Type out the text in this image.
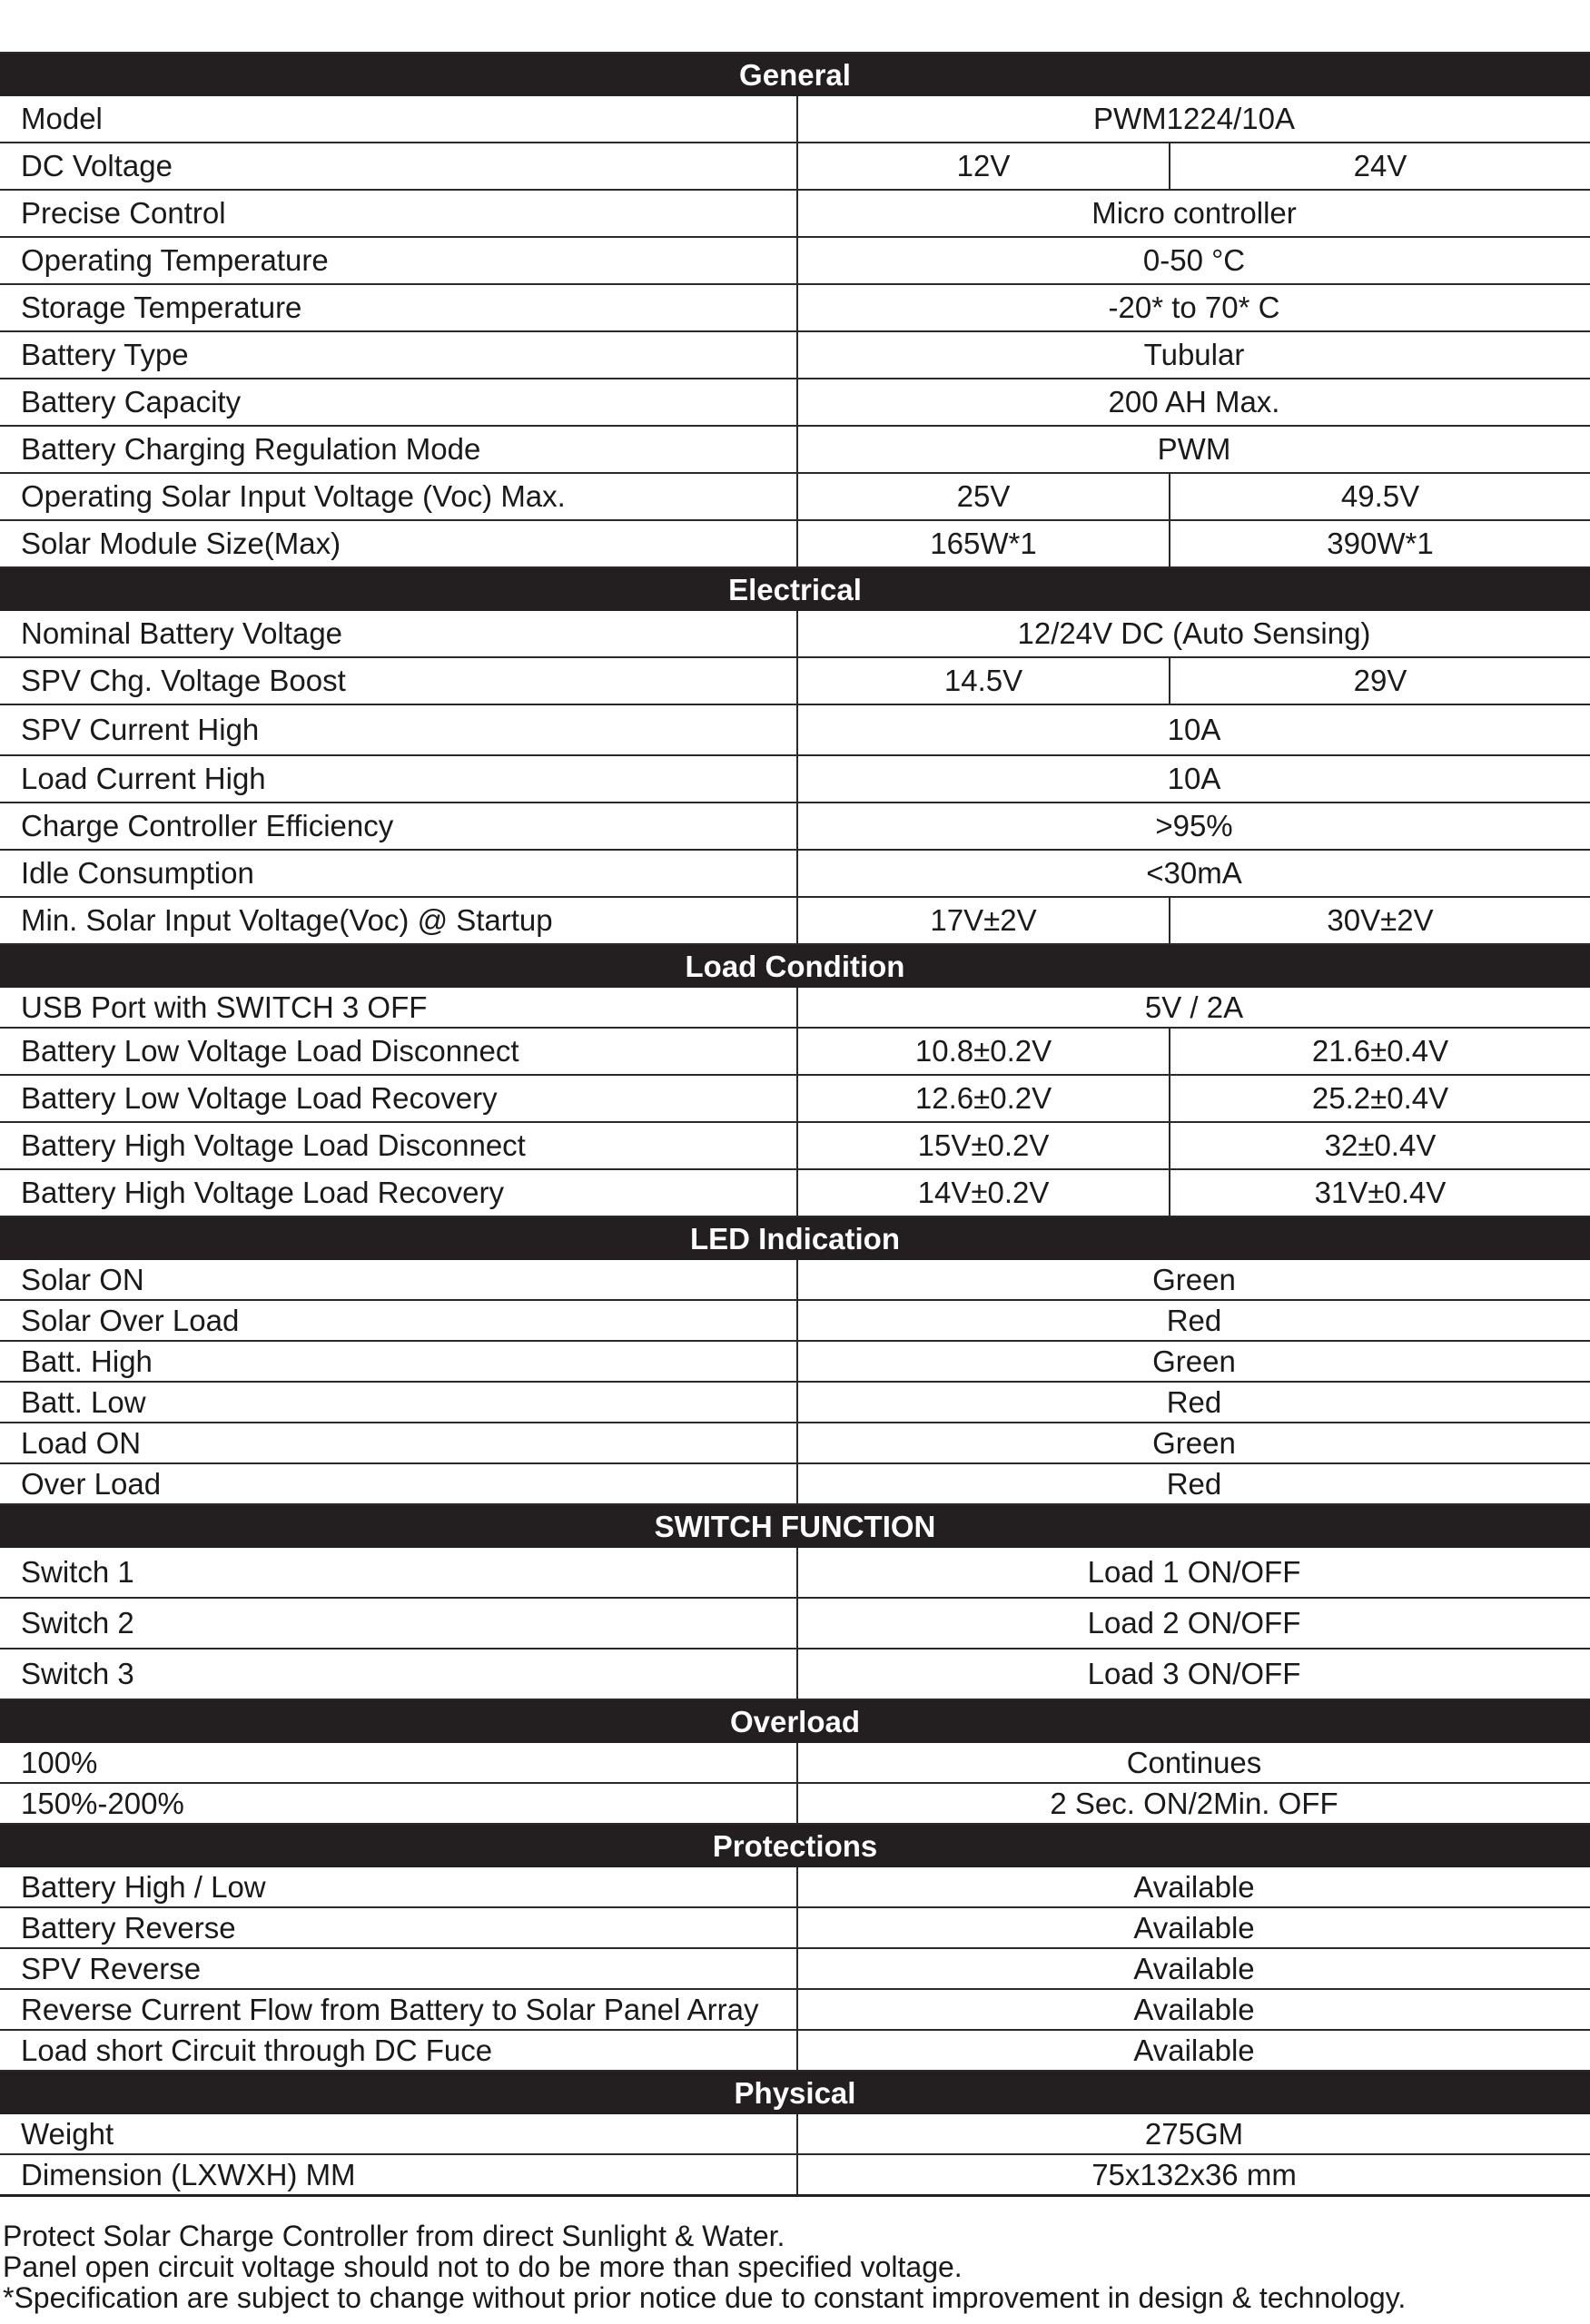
General		
Model	PWM1224/10A	
DC Voltage	12V	24V
Precise Control	Micro controller	
Operating Temperature	0-50 °C	
Storage Temperature	-20* to 70* C	
Battery Type	Tubular	
Battery Capacity	200 AH Max.	
Battery Charging Regulation Mode	PWM	
Operating Solar Input Voltage (Voc) Max.	25V	49.5V
Solar Module Size(Max)	165W*1	390W*1
Electrical		
Nominal Battery Voltage	12/24V DC (Auto Sensing)	
SPV Chg. Voltage Boost	14.5V	29V
SPV Current High	10A	
Load Current High	10A	
Charge Controller Efficiency	>95%	
Idle Consumption	<30mA	
Min. Solar Input Voltage(Voc) @ Startup	17V±2V	30V±2V
Load Condition		
USB Port with SWITCH 3 OFF	5V / 2A	
Battery Low Voltage Load Disconnect	10.8±0.2V	21.6±0.4V
Battery Low Voltage Load Recovery	12.6±0.2V	25.2±0.4V
Battery High Voltage Load Disconnect	15V±0.2V	32±0.4V
Battery High Voltage Load Recovery	14V±0.2V	31V±0.4V
LED Indication		
Solar ON	Green	
Solar Over Load	Red	
Batt. High	Green	
Batt. Low	Red	
Load ON	Green	
Over Load	Red	
SWITCH FUNCTION		
Switch 1	Load 1 ON/OFF	
Switch 2	Load 2 ON/OFF	
Switch 3	Load 3 ON/OFF	
Overload		
100%	Continues	
150%-200%	2 Sec. ON/2Min. OFF	
Protections		
Battery High / Low	Available	
Battery Reverse	Available	
SPV Reverse	Available	
Reverse Current Flow from Battery to Solar Panel Array	Available	
Load short Circuit through DC Fuce	Available	
Physical		
Weight	275GM	
Dimension (LXWXH) MM	75x132x36 mm	
Protect Solar Charge Controller from direct Sunlight & Water.
Panel open circuit voltage should not to do be more than specified voltage.
*Specification are subject to change without prior notice due to constant improvement in design & technology.
